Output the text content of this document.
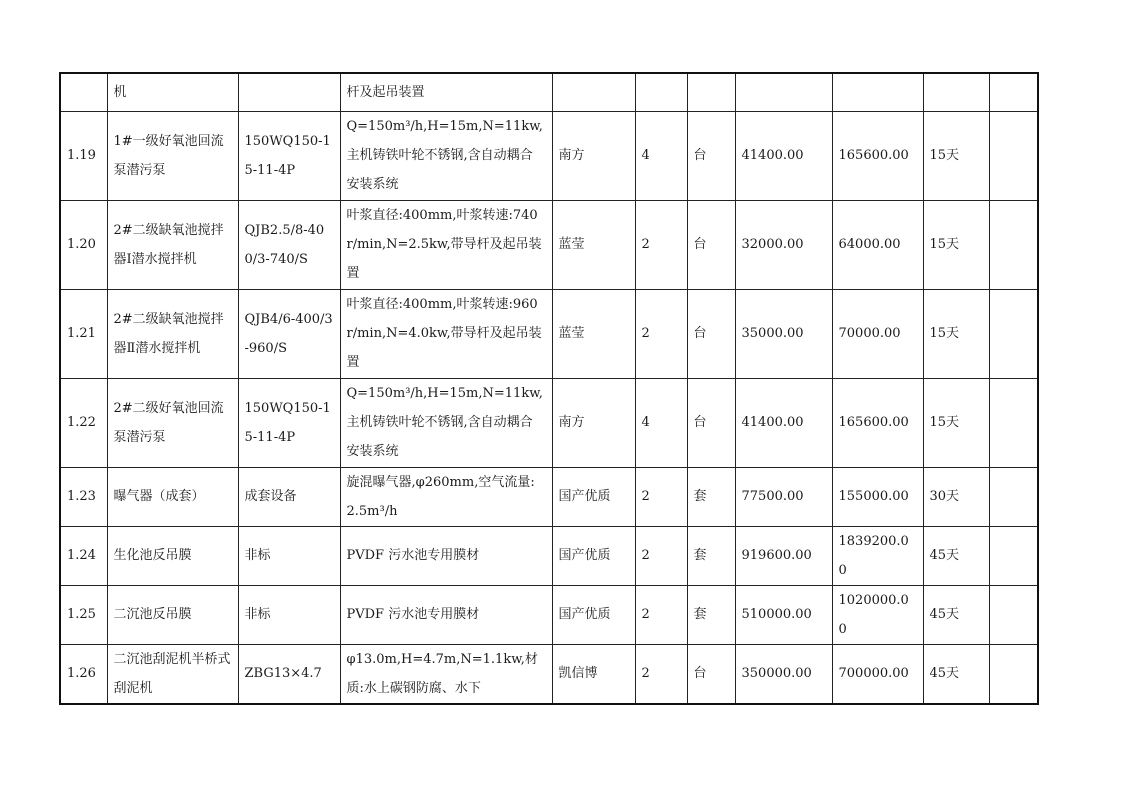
	机		杆及起吊装置							
1.19	1#一级好氧池回流泵潜污泵	150WQ150-15-11-4P	Q=150m³/h,H=15m,N=11kw,主机铸铁叶轮不锈钢,含自动耦合安装系统	南方	4	台	41400.00	165600.00	15天	
1.20	2#二级缺氧池搅拌器Ⅰ潜水搅拌机	QJB2.5/8-400/3-740/S	叶浆直径:400mm,叶浆转速:740r/min,N=2.5kw,带导杆及起吊装置	蓝莹	2	台	32000.00	64000.00	15天	
1.21	2#二级缺氧池搅拌器Ⅱ潜水搅拌机	QJB4/6-400/3-960/S	叶浆直径:400mm,叶浆转速:960r/min,N=4.0kw,带导杆及起吊装置	蓝莹	2	台	35000.00	70000.00	15天	
1.22	2#二级好氧池回流泵潜污泵	150WQ150-15-11-4P	Q=150m³/h,H=15m,N=11kw,主机铸铁叶轮不锈钢,含自动耦合安装系统	南方	4	台	41400.00	165600.00	15天	
1.23	曝气器（成套）	成套设备	旋混曝气器,φ260mm,空气流量:2.5m³/h	国产优质	2	套	77500.00	155000.00	30天	
1.24	生化池反吊膜	非标	PVDF 污水池专用膜材	国产优质	2	套	919600.00	1839200.00	45天	
1.25	二沉池反吊膜	非标	PVDF 污水池专用膜材	国产优质	2	套	510000.00	1020000.00	45天	
1.26	二沉池刮泥机半桥式刮泥机	ZBG13×4.7	φ13.0m,H=4.7m,N=1.1kw,材质:水上碳钢防腐、水下	凯信博	2	台	350000.00	700000.00	45天	
